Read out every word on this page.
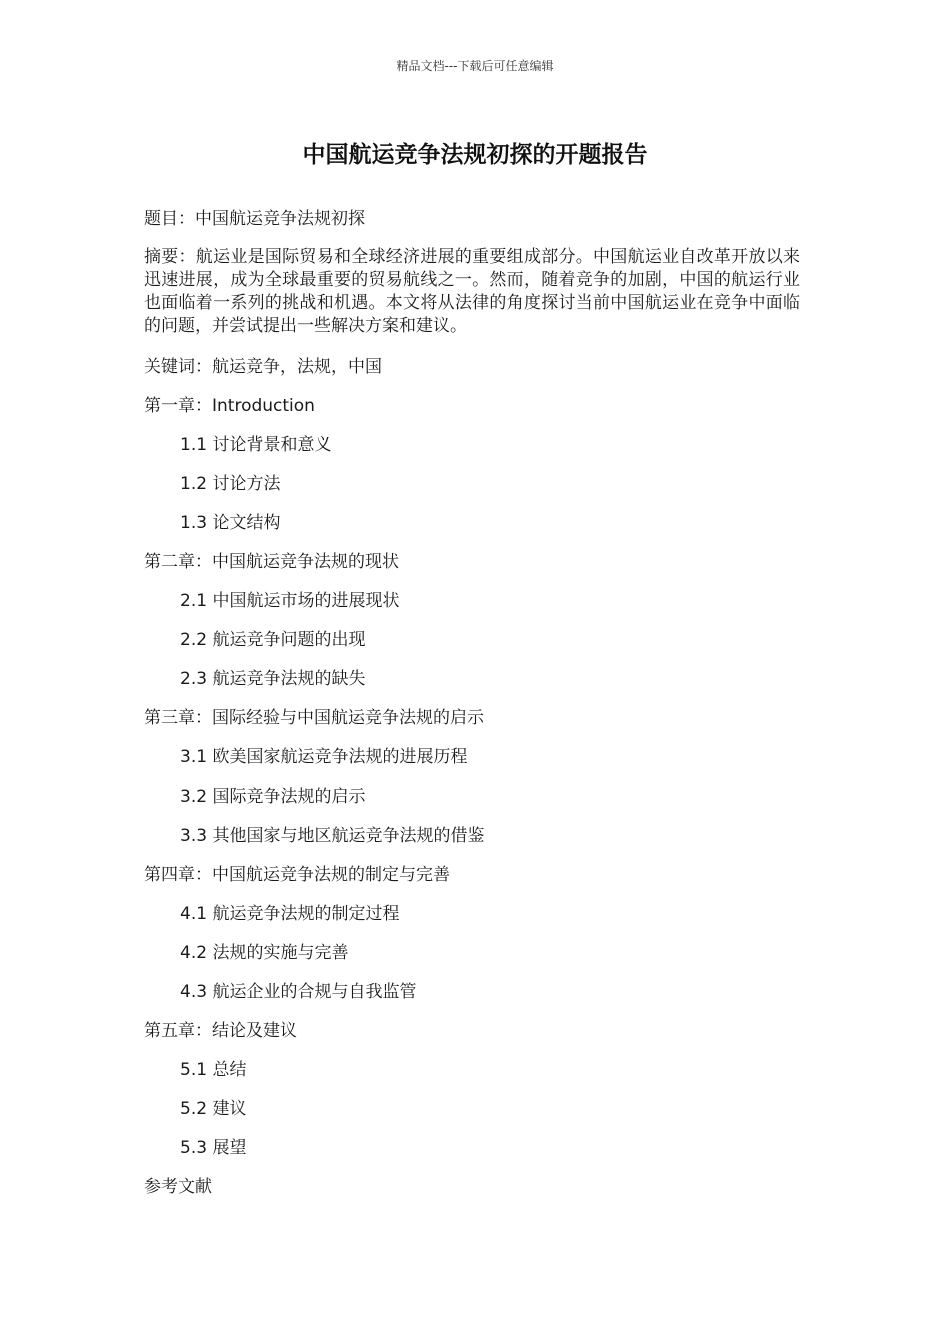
精品文档---下载后可任意编辑
中国航运竞争法规初探的开题报告
题目：中国航运竞争法规初探
摘要：航运业是国际贸易和全球经济进展的重要组成部分。中国航运业自改革开放以来迅速进展，成为全球最重要的贸易航线之一。然而，随着竞争的加剧，中国的航运行业也面临着一系列的挑战和机遇。本文将从法律的角度探讨当前中国航运业在竞争中面临的问题，并尝试提出一些解决方案和建议。
关键词：航运竞争，法规，中国
第一章：Introduction
1.1 讨论背景和意义
1.2 讨论方法
1.3 论文结构
第二章：中国航运竞争法规的现状
2.1 中国航运市场的进展现状
2.2 航运竞争问题的出现
2.3 航运竞争法规的缺失
第三章：国际经验与中国航运竞争法规的启示
3.1 欧美国家航运竞争法规的进展历程
3.2 国际竞争法规的启示
3.3 其他国家与地区航运竞争法规的借鉴
第四章：中国航运竞争法规的制定与完善
4.1 航运竞争法规的制定过程
4.2 法规的实施与完善
4.3 航运企业的合规与自我监管
第五章：结论及建议
5.1 总结
5.2 建议
5.3 展望
参考文献
